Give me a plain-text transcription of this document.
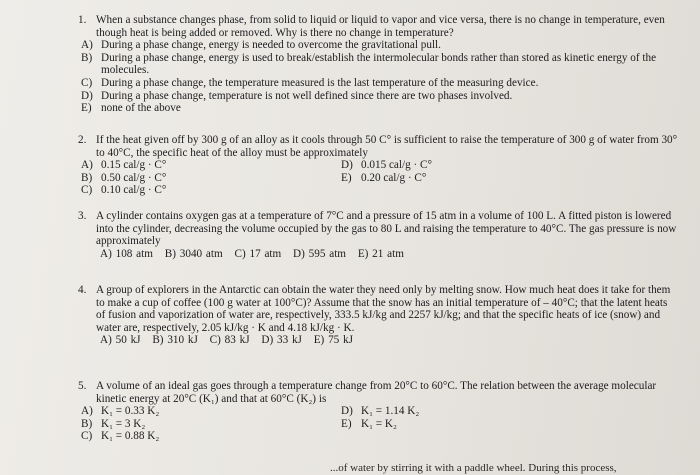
1. When a substance changes phase, from solid to liquid or liquid to vapor and vice versa, there is no change in temperature, even though heat is being added or removed. Why is there no change in temperature?
A) During a phase change, energy is needed to overcome the gravitational pull.
B) During a phase change, energy is used to break/establish the intermolecular bonds rather than stored as kinetic energy of the molecules.
C) During a phase change, the temperature measured is the last temperature of the measuring device.
D) During a phase change, temperature is not well defined since there are two phases involved.
E) none of the above
2. If the heat given off by 300 g of an alloy as it cools through 50 C° is sufficient to raise the temperature of 300 g of water from 30° to 40°C, the specific heat of the alloy must be approximately
A) 0.15 cal/g · C°
B) 0.50 cal/g · C°
C) 0.10 cal/g · C°
D) 0.015 cal/g · C°
E) 0.20 cal/g · C°
3. A cylinder contains oxygen gas at a temperature of 7°C and a pressure of 15 atm in a volume of 100 L. A fitted piston is lowered into the cylinder, decreasing the volume occupied by the gas to 80 L and raising the temperature to 40°C. The gas pressure is now approximately
A) 108 atm B) 3040 atm C) 17 atm D) 595 atm E) 21 atm
4. A group of explorers in the Antarctic can obtain the water they need only by melting snow. How much heat does it take for them to make a cup of coffee (100 g water at 100°C)? Assume that the snow has an initial temperature of – 40°C; that the latent heats of fusion and vaporization of water are, respectively, 333.5 kJ/kg and 2257 kJ/kg; and that the specific heats of ice (snow) and water are, respectively, 2.05 kJ/kg · K and 4.18 kJ/kg · K.
A) 50 kJ B) 310 kJ C) 83 kJ D) 33 kJ E) 75 kJ
5. A volume of an ideal gas goes through a temperature change from 20°C to 60°C. The relation between the average molecular kinetic energy at 20°C (K₁) and that at 60°C (K₂) is
A) K₁ = 0.33 K₂
B) K₁ = 3 K₂
C) K₁ = 0.88 K₂
D) K₁ = 1.14 K₂
E) K₁ = K₂
...of water by stirring it with a paddle wheel. During this process,
